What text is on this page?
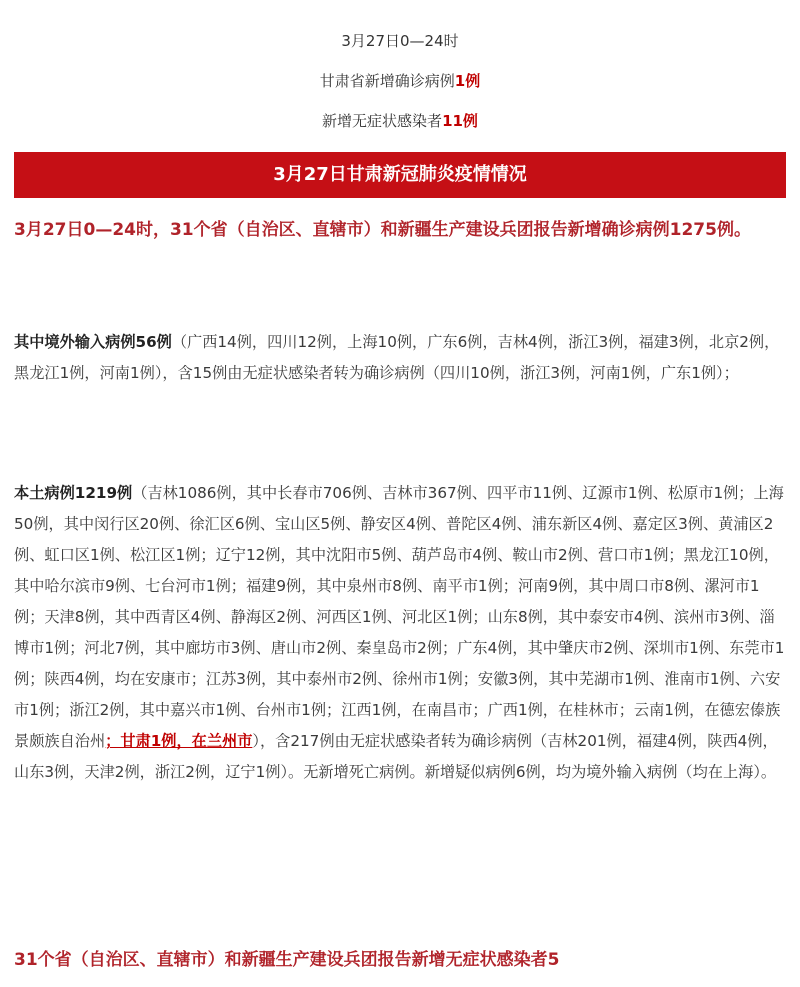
3月27日0—24时
甘肃省新增确诊病例1例
新增无症状感染者11例
3月27日甘肃新冠肺炎疫情情况
3月27日0—24时，31个省（自治区、直辖市）和新疆生产建设兵团报告新增确诊病例1275例。
其中境外输入病例56例（广西14例，四川12例，上海10例，广东6例，吉林4例，浙江3例，福建3例，北京2例，黑龙江1例，河南1例），含15例由无症状感染者转为确诊病例（四川10例，浙江3例，河南1例，广东1例）；
本土病例1219例（吉林1086例，其中长春市706例、吉林市367例、四平市11例、辽源市1例、松原市1例；上海50例，其中闵行区20例、徐汇区6例、宝山区5例、静安区4例、普陀区4例、浦东新区4例、嘉定区3例、黄浦区2例、虹口区1例、松江区1例；辽宁12例，其中沈阳市5例、葫芦岛市4例、鞍山市2例、营口市1例；黑龙江10例，其中哈尔滨市9例、七台河市1例；福建9例，其中泉州市8例、南平市1例；河南9例，其中周口市8例、漯河市1例；天津8例，其中西青区4例、静海区2例、河西区1例、河北区1例；山东8例，其中泰安市4例、滨州市3例、淄博市1例；河北7例，其中廊坊市3例、唐山市2例、秦皇岛市2例；广东4例，其中肇庆市2例、深圳市1例、东莞市1例；陕西4例，均在安康市；江苏3例，其中泰州市2例、徐州市1例；安徽3例，其中芜湖市1例、淮南市1例、六安市1例；浙江2例，其中嘉兴市1例、台州市1例；江西1例，在南昌市；广西1例，在桂林市；云南1例，在德宏傣族景颇族自治州；甘肃1例，在兰州市），含217例由无症状感染者转为确诊病例（吉林201例，福建4例，陕西4例，山东3例，天津2例，浙江2例，辽宁1例）。无新增死亡病例。新增疑似病例6例，均为境外输入病例（均在上海）。
31个省（自治区、直辖市）和新疆生产建设兵团报告新增无症状感染者5
